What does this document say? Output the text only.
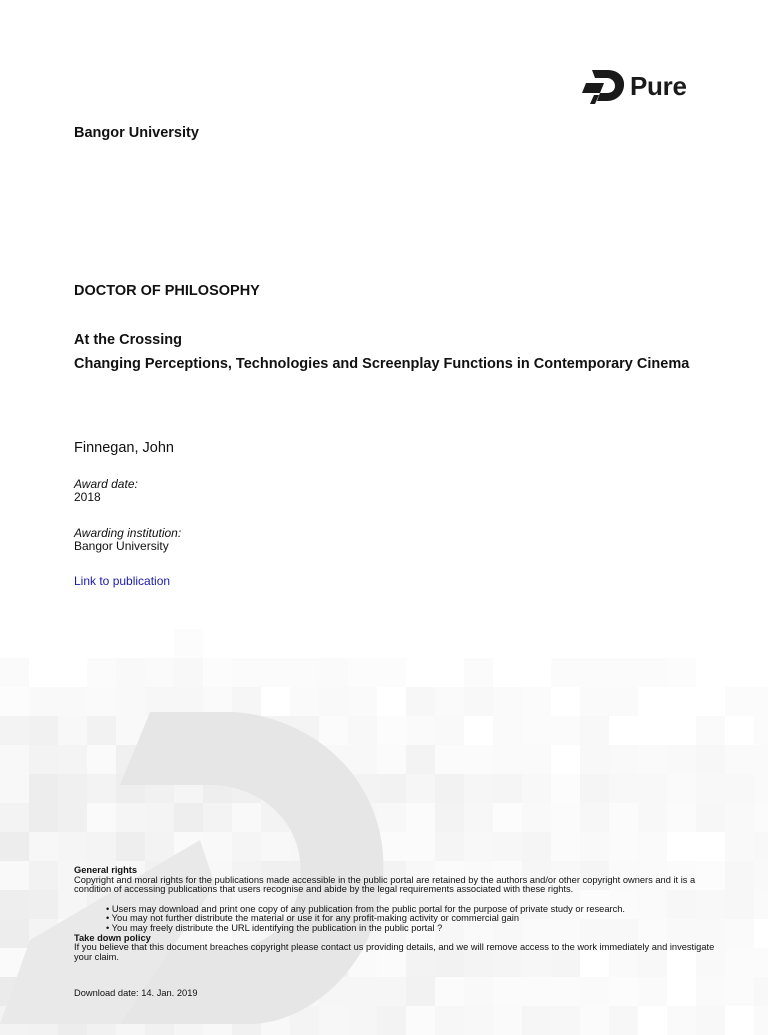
Pure
Bangor University
DOCTOR OF PHILOSOPHY
At the Crossing
Changing Perceptions, Technologies and Screenplay Functions in Contemporary Cinema
Finnegan, John
Award date:
2018
Awarding institution:
Bangor University
Link to publication
General rights
Copyright and moral rights for the publications made accessible in the public portal are retained by the authors and/or other copyright owners and it is a condition of accessing publications that users recognise and abide by the legal requirements associated with these rights.
• Users may download and print one copy of any publication from the public portal for the purpose of private study or research.
• You may not further distribute the material or use it for any profit-making activity or commercial gain
• You may freely distribute the URL identifying the publication in the public portal ?
Take down policy
If you believe that this document breaches copyright please contact us providing details, and we will remove access to the work immediately and investigate your claim.
Download date: 14. Jan. 2019
